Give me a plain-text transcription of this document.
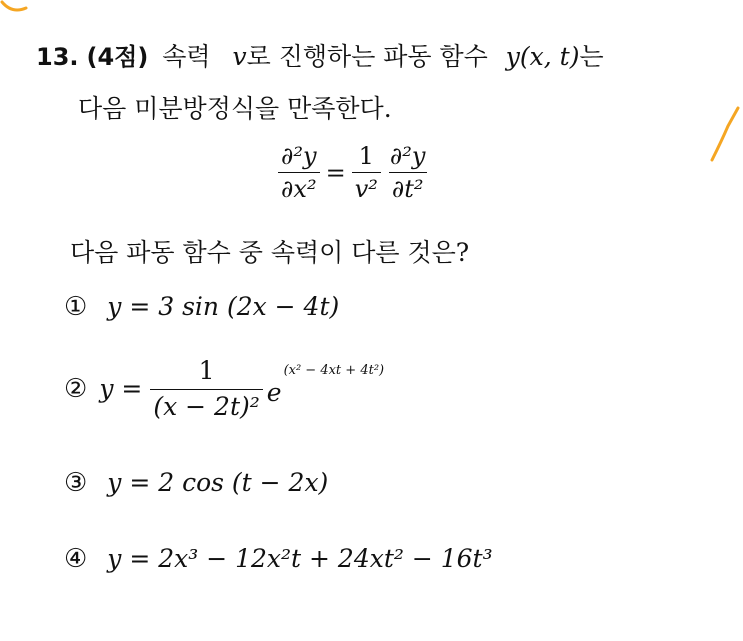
13. (4점) 속력 v로 진행하는 파동 함수 y(x, t)는
다음 미분방정식을 만족한다.
$\frac{\text{∂²y}}{\text{∂x²}} = \frac{1}{\text{v²}} \frac{\text{∂²y}}{\text{∂t²}}$
다음 파동 함수 중 속력이 다른 것은?
① y = 3 sin (2x − 4t)
② $y = \frac{1}{\text{(x − 2t)²}}$ e
(x² − 4xt + 4t²)
③ y = 2 cos (t − 2x)
④ y = 2x³ − 12x²t + 24xt² − 16t³
